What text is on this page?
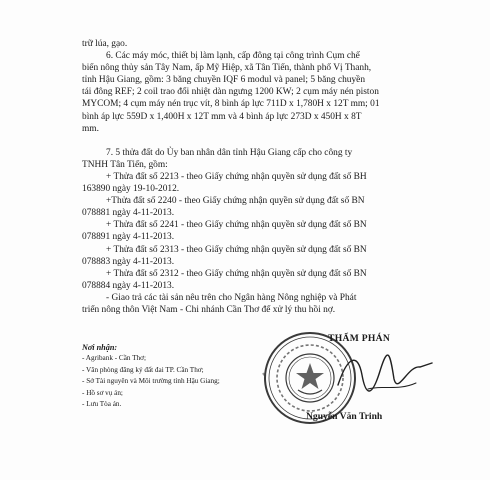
trữ lúa, gạo.

6. Các máy móc, thiết bị làm lạnh, cấp đông tại công trình Cụm chế
biến nông thủy sản Tây Nam, ấp Mỹ Hiệp, xã Tân Tiến, thành phố Vị Thanh,
tỉnh Hậu Giang, gồm: 3 băng chuyền IQF 6 modul và panel; 5 băng chuyền
tái đông REF; 2 coil trao đổi nhiệt dàn ngưng 1200 KW; 2 cụm máy nén piston
MYCOM; 4 cụm máy nén trục vít, 8 bình áp lực 711D x 1,780H x 12T mm; 01
bình áp lực 559D x 1,400H x 12T mm và 4 bình áp lực 273D x 450H x 8T
mm.
7. 5 thửa đất do Ủy ban nhân dân tỉnh Hậu Giang cấp cho công ty
TNHH Tân Tiến, gồm:
+ Thửa đất số 2213 - theo Giấy chứng nhận quyền sử dụng đất số BH
163890 ngày 19-10-2012.
+Thửa đất số 2240 - theo Giấy chứng nhận quyền sử dụng đất số BN
078881 ngày 4-11-2013.
+ Thửa đất số 2241 - theo Giấy chứng nhận quyền sử dụng đất số BN
078891 ngày 4-11-2013.
+ Thửa đất số 2313 - theo Giấy chứng nhận quyền sử dụng đất số BN
078883 ngày 4-11-2013.
+ Thửa đất số 2312 - theo Giấy chứng nhận quyền sử dụng đất số BN
078884 ngày 4-11-2013.
- Giao trả các tài sản nêu trên cho Ngân hàng Nông nghiệp và Phát
triển nông thôn Việt Nam - Chi nhánh Cần Thơ để xử lý thu hồi nợ.
Nơi nhận:
- Agribank - Cần Thơ;
- Văn phòng đăng ký đất đai TP. Cần Thơ;
- Sở Tài nguyên và Môi trường tỉnh Hậu Giang;
- Hồ sơ vụ án;
- Lưu Tòa án.
THẨM PHÁN
Nguyễn Văn Trinh
